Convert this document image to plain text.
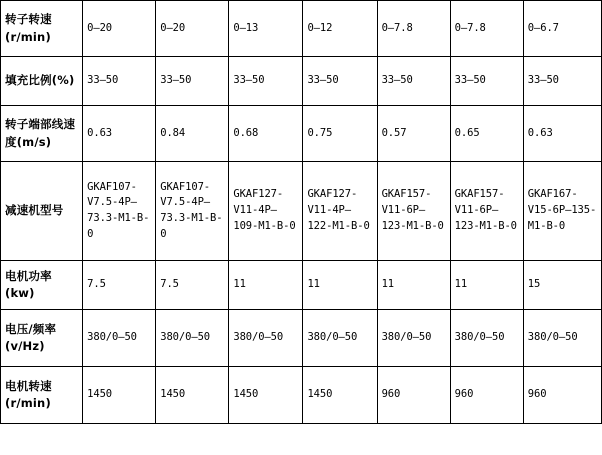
转子转速(r/min)	0—20	0—20	0—13	0—12	0—7.8	0—7.8	0—6.7
填充比例(%)	33—50	33—50	33—50	33—50	33—50	33—50	33—50
转子端部线速度(m/s)	0.63	0.84	0.68	0.75	0.57	0.65	0.63
减速机型号	GKAF107-V7.5-4P—73.3-M1-B-0	GKAF107-V7.5-4P—73.3-M1-B-0	GKAF127-V11-4P—109-M1-B-0	GKAF127-V11-4P—122-M1-B-0	GKAF157-V11-6P—123-M1-B-0	GKAF157-V11-6P—123-M1-B-0	GKAF167-V15-6P—135-M1-B-0
电机功率(kw)	7.5	7.5	11	11	11	11	15
电压/频率(v/Hz)	380/0—50	380/0—50	380/0—50	380/0—50	380/0—50	380/0—50	380/0—50
电机转速(r/min)	1450	1450	1450	1450	960	960	960
